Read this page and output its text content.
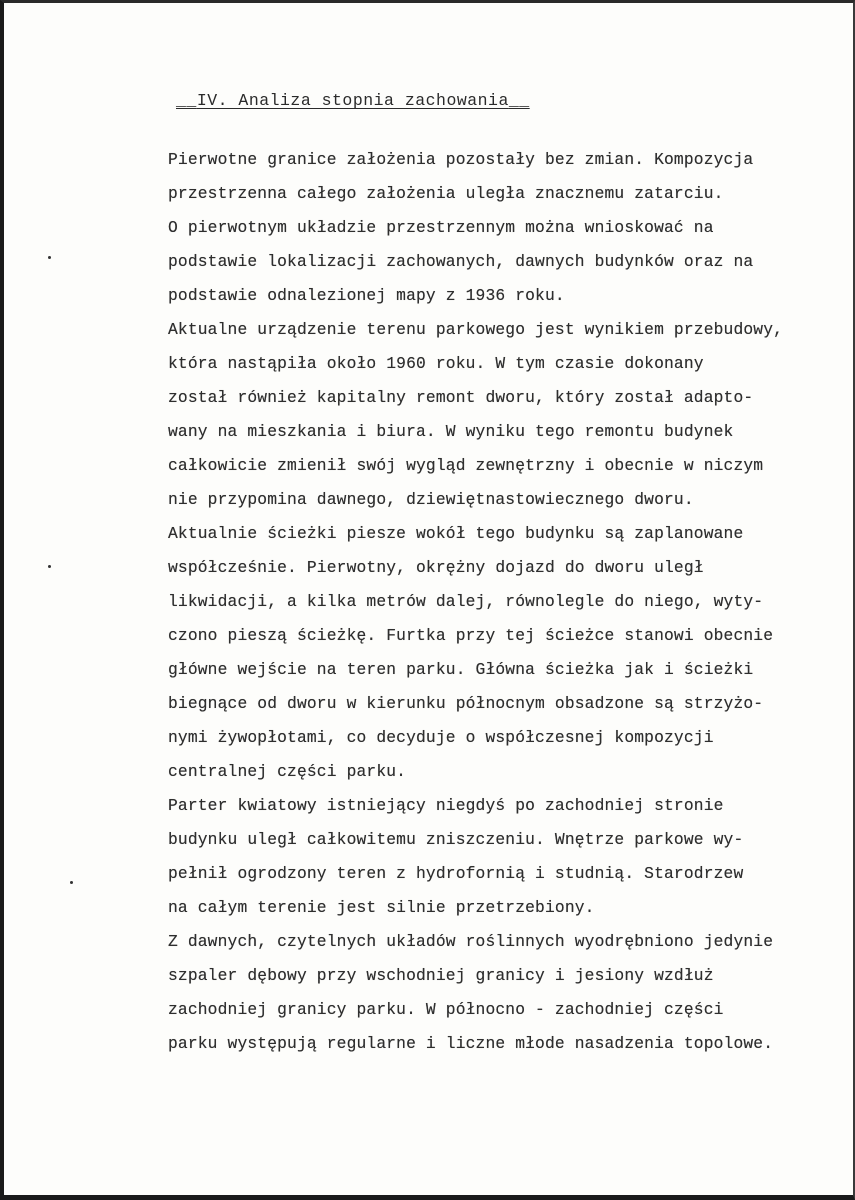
__IV. Analiza stopnia zachowania__
Pierwotne granice założenia pozostały bez zmian. Kompozycja
przestrzenna całego założenia uległa znacznemu zatarciu.
O pierwotnym układzie przestrzennym można wnioskować na
podstawie lokalizacji zachowanych, dawnych budynków oraz na
podstawie odnalezionej mapy z 1936 roku.
Aktualne urządzenie terenu parkowego jest wynikiem przebudowy,
która nastąpiła około 1960 roku. W tym czasie dokonany
został również kapitalny remont dworu, który został adapto-
wany na mieszkania i biura. W wyniku tego remontu budynek
całkowicie zmienił swój wygląd zewnętrzny i obecnie w niczym
nie przypomina dawnego, dziewiętnastowiecznego dworu.
Aktualnie ścieżki piesze wokół tego budynku są zaplanowane
współcześnie. Pierwotny, okrężny dojazd do dworu uległ
likwidacji, a kilka metrów dalej, równolegle do niego, wyty-
czono pieszą ścieżkę. Furtka przy tej ścieżce stanowi obecnie
główne wejście na teren parku. Główna ścieżka jak i ścieżki
biegnące od dworu w kierunku północnym obsadzone są strzyżo-
nymi żywopłotami, co decyduje o współczesnej kompozycji
centralnej części parku.
Parter kwiatowy istniejący niegdyś po zachodniej stronie
budynku uległ całkowitemu zniszczeniu. Wnętrze parkowe wy-
pełnił ogrodzony teren z hydrofornią i studnią. Starodrzew
na całym terenie jest silnie przetrzebiony.
Z dawnych, czytelnych układów roślinnych wyodrębniono jedynie
szpaler dębowy przy wschodniej granicy i jesiony wzdłuż
zachodniej granicy parku. W północno - zachodniej części
parku występują regularne i liczne młode nasadzenia topolowe.
